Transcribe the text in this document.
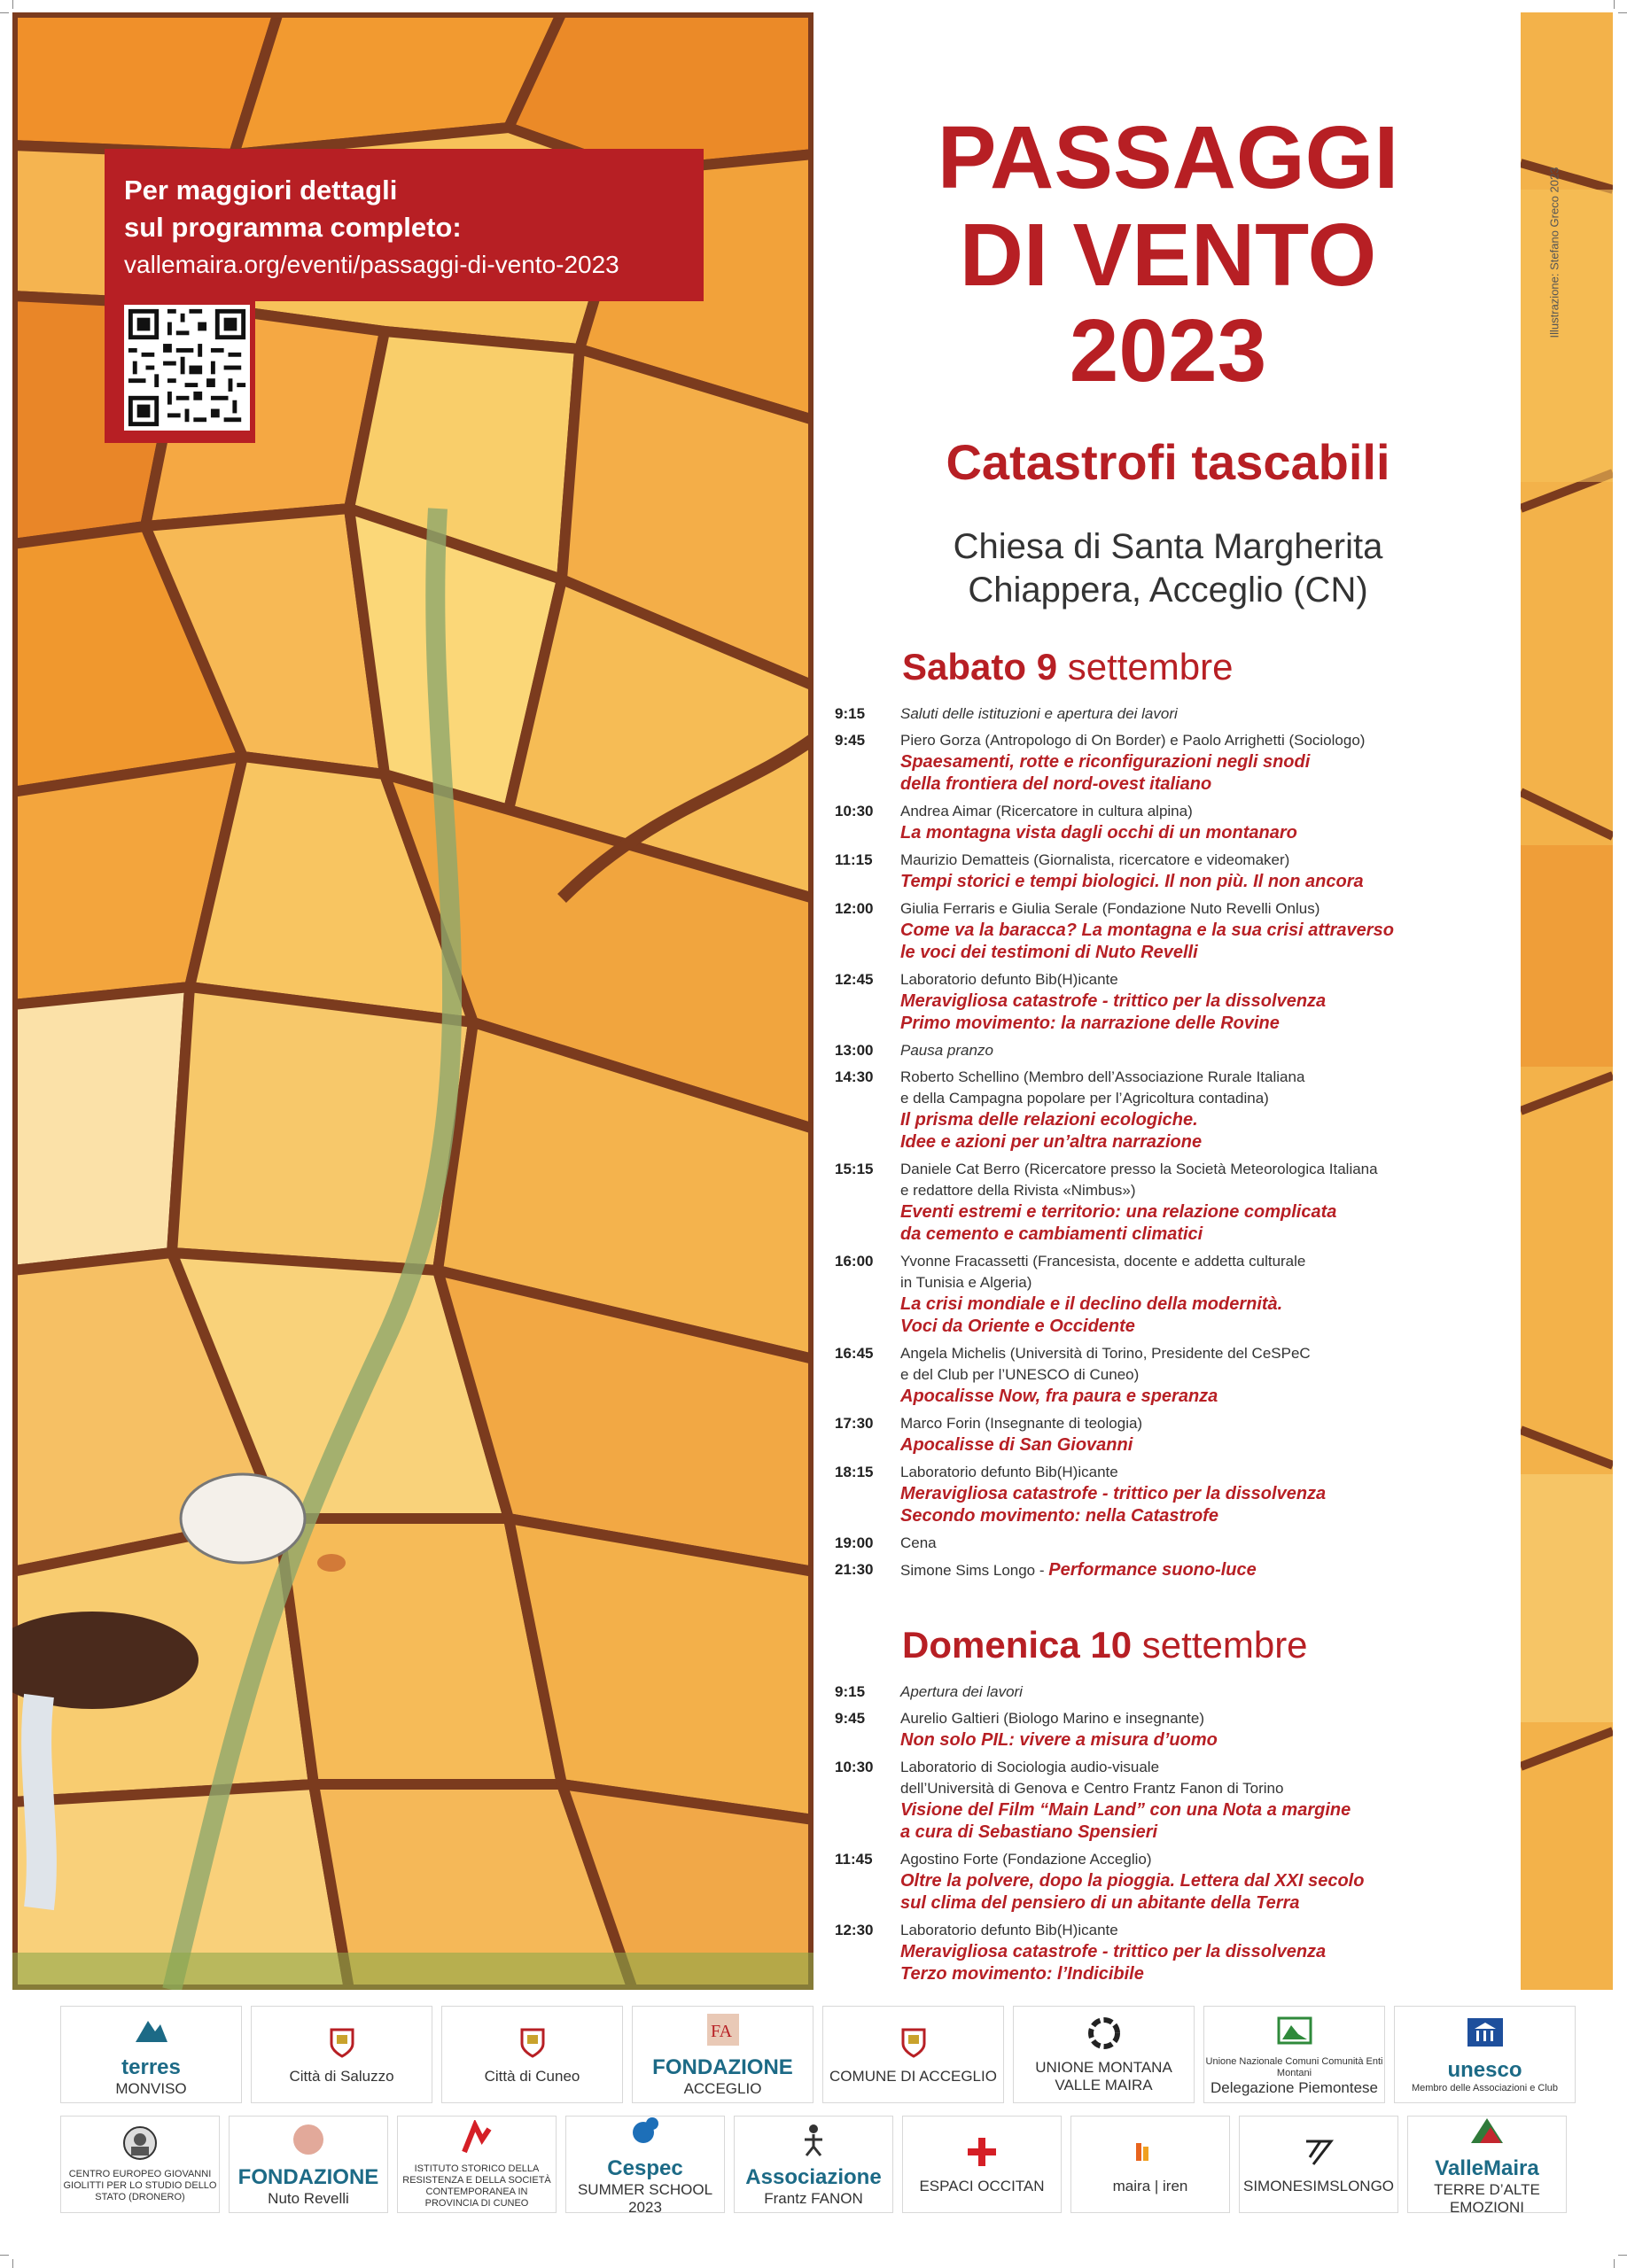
Per maggiori dettagli
sul programma completo:
vallemaira.org/eventi/passaggi-di-vento-2023	Illustrazione: Stefano Greco 2023
PASSAGGI
DI VENTO
2023
Catastrofi tascabili
Chiesa di Santa Margherita
Chiappera, Acceglio (CN)
Sabato 9 settembre
Domenica 10 settembre
9:15	Saluti delle istituzioni e apertura dei lavori
9:45	Piero Gorza (Antropologo di On Border) e Paolo Arrighetti (Sociologo)
Spaesamenti, rotte e riconfigurazioni negli snodi
della frontiera del nord-ovest italiano
10:30	Andrea Aimar (Ricercatore in cultura alpina)
La montagna vista dagli occhi di un montanaro
11:15	Maurizio Dematteis (Giornalista, ricercatore e videomaker)
Tempi storici e tempi biologici. Il non più. Il non ancora
12:00	Giulia Ferraris e Giulia Serale (Fondazione Nuto Revelli Onlus)
Come va la baracca? La montagna e la sua crisi attraverso
le voci dei testimoni di Nuto Revelli
12:45	Laboratorio defunto Bib(H)icante
Meravigliosa catastrofe - trittico per la dissolvenza
Primo movimento: la narrazione delle Rovine
13:00	Pausa pranzo
14:30	Roberto Schellino (Membro dell’Associazione Rurale Italiana
e della Campagna popolare per l’Agricoltura contadina)
Il prisma delle relazioni ecologiche.
Idee e azioni per un’altra narrazione
15:15	Daniele Cat Berro (Ricercatore presso la Società Meteorologica Italiana
e redattore della Rivista «Nimbus»)
Eventi estremi e territorio: una relazione complicata
da cemento e cambiamenti climatici
16:00	Yvonne Fracassetti (Francesista, docente e addetta culturale
in Tunisia e Algeria)
La crisi mondiale e il declino della modernità.
Voci da Oriente e Occidente
16:45	Angela Michelis (Università di Torino, Presidente del CeSPeC
e del Club per l’UNESCO di Cuneo)
Apocalisse Now, fra paura e speranza
17:30	Marco Forin (Insegnante di teologia)
Apocalisse di San Giovanni
18:15	Laboratorio defunto Bib(H)icante
Meravigliosa catastrofe - trittico per la dissolvenza
Secondo movimento: nella Catastrofe
19:00	Cena
21:30	Simone Sims Longo - Performance suono-luce
9:15	Apertura dei lavori
9:45	Aurelio Galtieri (Biologo Marino e insegnante)
Non solo PIL: vivere a misura d’uomo
10:30	Laboratorio di Sociologia audio-visuale
dell’Università di Genova e Centro Frantz Fanon di Torino
Visione del Film “Main Land” con una Nota a margine
a cura di Sebastiano Spensieri
11:45	Agostino Forte (Fondazione Acceglio)
Oltre la polvere, dopo la pioggia. Lettera dal XXI secolo
sul clima del pensiero di un abitante della Terra
12:30	Laboratorio defunto Bib(H)icante
Meravigliosa catastrofe - trittico per la dissolvenza
Terzo movimento: l’Indicibile
terres
MONVISO
Città di Saluzzo	Città di Cuneo
FA
FONDAZIONE
ACCEGLIO
COMUNE DI ACCEGLIO
UNIONE MONTANA
VALLE MAIRA
Unione Nazionale Comuni Comunità Enti Montani
Delegazione Piemontese
unesco
Membro delle Associazioni e Club
CENTRO EUROPEO GIOVANNI GIOLITTI PER LO STUDIO DELLO STATO (DRONERO)
FONDAZIONE
Nuto Revelli
ISTITUTO STORICO DELLA RESISTENZA E DELLA SOCIETÀ CONTEMPORANEA IN PROVINCIA DI CUNEO
Cespec
SUMMER SCHOOL 2023
Associazione
Frantz FANON
ESPACI OCCITAN	maira | iren	SIMONESIMSLONGO
ValleMaira
TERRE D’ALTE EMOZIONI
